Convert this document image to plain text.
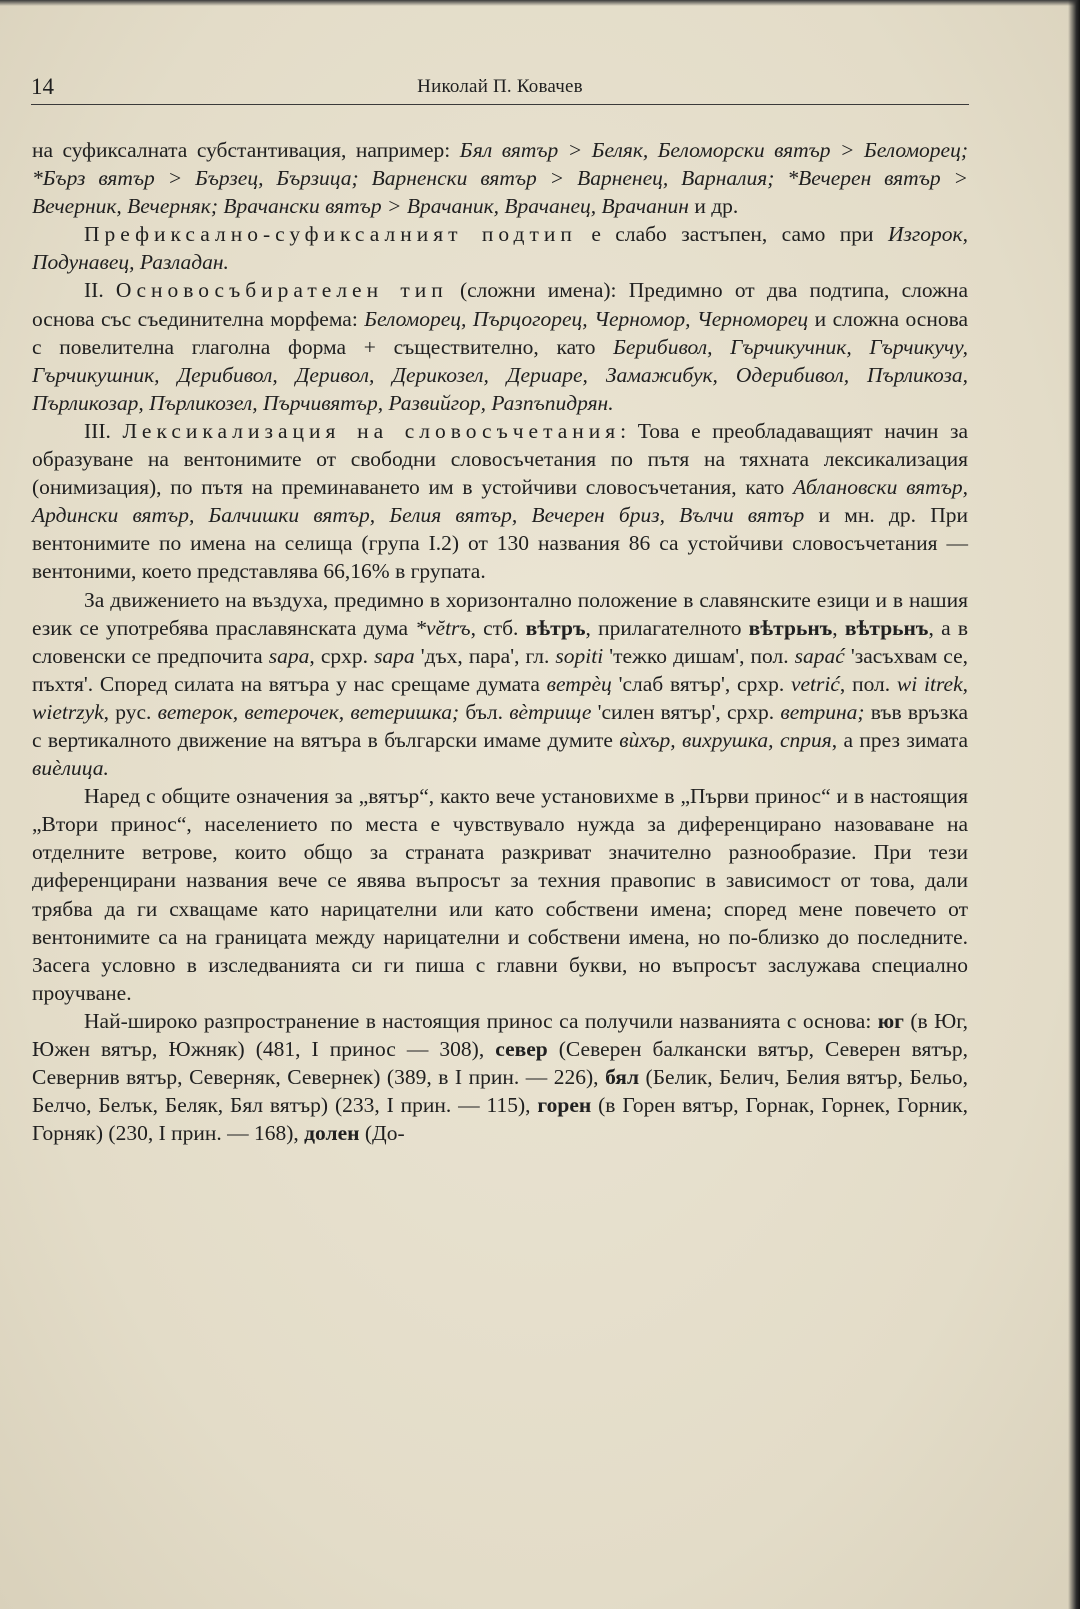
14	Николай П. Ковачев

на суфиксалната субстантивация, например: Бял вятър > Беляк, Беломорски вятър > Беломорец; *Бърз вятър > Бързец, Бързица; Варненски вятър > Варненец, Варналия; *Вечерен вятър > Вечерник, Вечерняк; Врачански вятър > Врачаник, Врачанец, Врачанин и др.

Префиксално-суфиксалният подтип е слабо застъпен, само при Изгорок, Подунавец, Разладан.

II. Основосъбирателен тип (сложни имена): Предимно от два подтипа, сложна основа със съединителна морфема: Беломорец, Пърцогорец, Черномор, Черноморец и сложна основа с повелителна глаголна форма + съществително, като Берибивол, Гърчикучник, Гърчикучу, Гърчикушник, Дерибивол, Деривол, Дерикозел, Дериаре, Замажибук, Одерибивол, Пърликоза, Пърликозар, Пърликозел, Пърчивятър, Развийгор, Разпъпидрян.

III. Лексикализация на словосъчетания: Това е преобладаващият начин за образуване на вентонимите от свободни словосъчетания по пътя на тяхната лексикализация (онимизация), по пътя на преминаването им в устойчиви словосъчетания, като Аблановски вятър, Ардински вятър, Балчишки вятър, Белия вятър, Вечерен бриз, Вълчи вятър и мн. др. При вентонимите по имена на селища (група I.2) от 130 названия 86 са устойчиви словосъчетания — вентоними, което представлява 66,16% в групата.

За движението на въздуха, предимно в хоризонтално положение в славянските езици и в нашия език се употребява праславянската дума *vĕtrъ, стб. вѣтръ, прилагателното вѣтрьнъ, вѣтрьнъ, а в словенски се предпочита sapa, срхр. sapa 'дъх, пара', гл. sopiti 'тежко дишам', пол. sapać 'засъхвам се, пъхтя'. Според силата на вятъра у нас срещаме думата ветрѐц 'слаб вятър', срхр. vetrić, пол. wi itrek, wietrzyk, рус. ветерок, ветерочек, ветеришка; бъл. вѐтрище 'силен вятър', срхр. ветрина; във връзка с вертикалното движение на вятъра в български имаме думите вѝхър, вихрушка, сприя, а през зимата виѐлица.

Наред с общите означения за „вятър“, както вече установихме в „Първи принос“ и в настоящия „Втори принос“, населението по места е чувствувало нужда за диференцирано назоваване на отделните ветрове, които общо за страната разкриват значително разнообразие. При тези диференцирани названия вече се явява въпросът за техния правопис в зависимост от това, дали трябва да ги схващаме като нарицателни или като собствени имена; според мене повечето от вентонимите са на границата между нарицателни и собствени имена, но по-близко до последните. Засега условно в изследванията си ги пиша с главни букви, но въпросът заслужава специално проучване.

Най-широко разпространение в настоящия принос са получили названията с основа: юг (в Юг, Южен вятър, Южняк) (481, I принос — 308), север (Северен балкански вятър, Северен вятър, Севернив вятър, Северняк, Севернек) (389, в I прин. — 226), бял (Белик, Белич, Белия вятър, Бельо, Белчо, Белък, Беляк, Бял вятър) (233, I прин. — 115), горен (в Горен вятър, Горнак, Горнек, Горник, Горняк) (230, I прин. — 168), долен (До-
